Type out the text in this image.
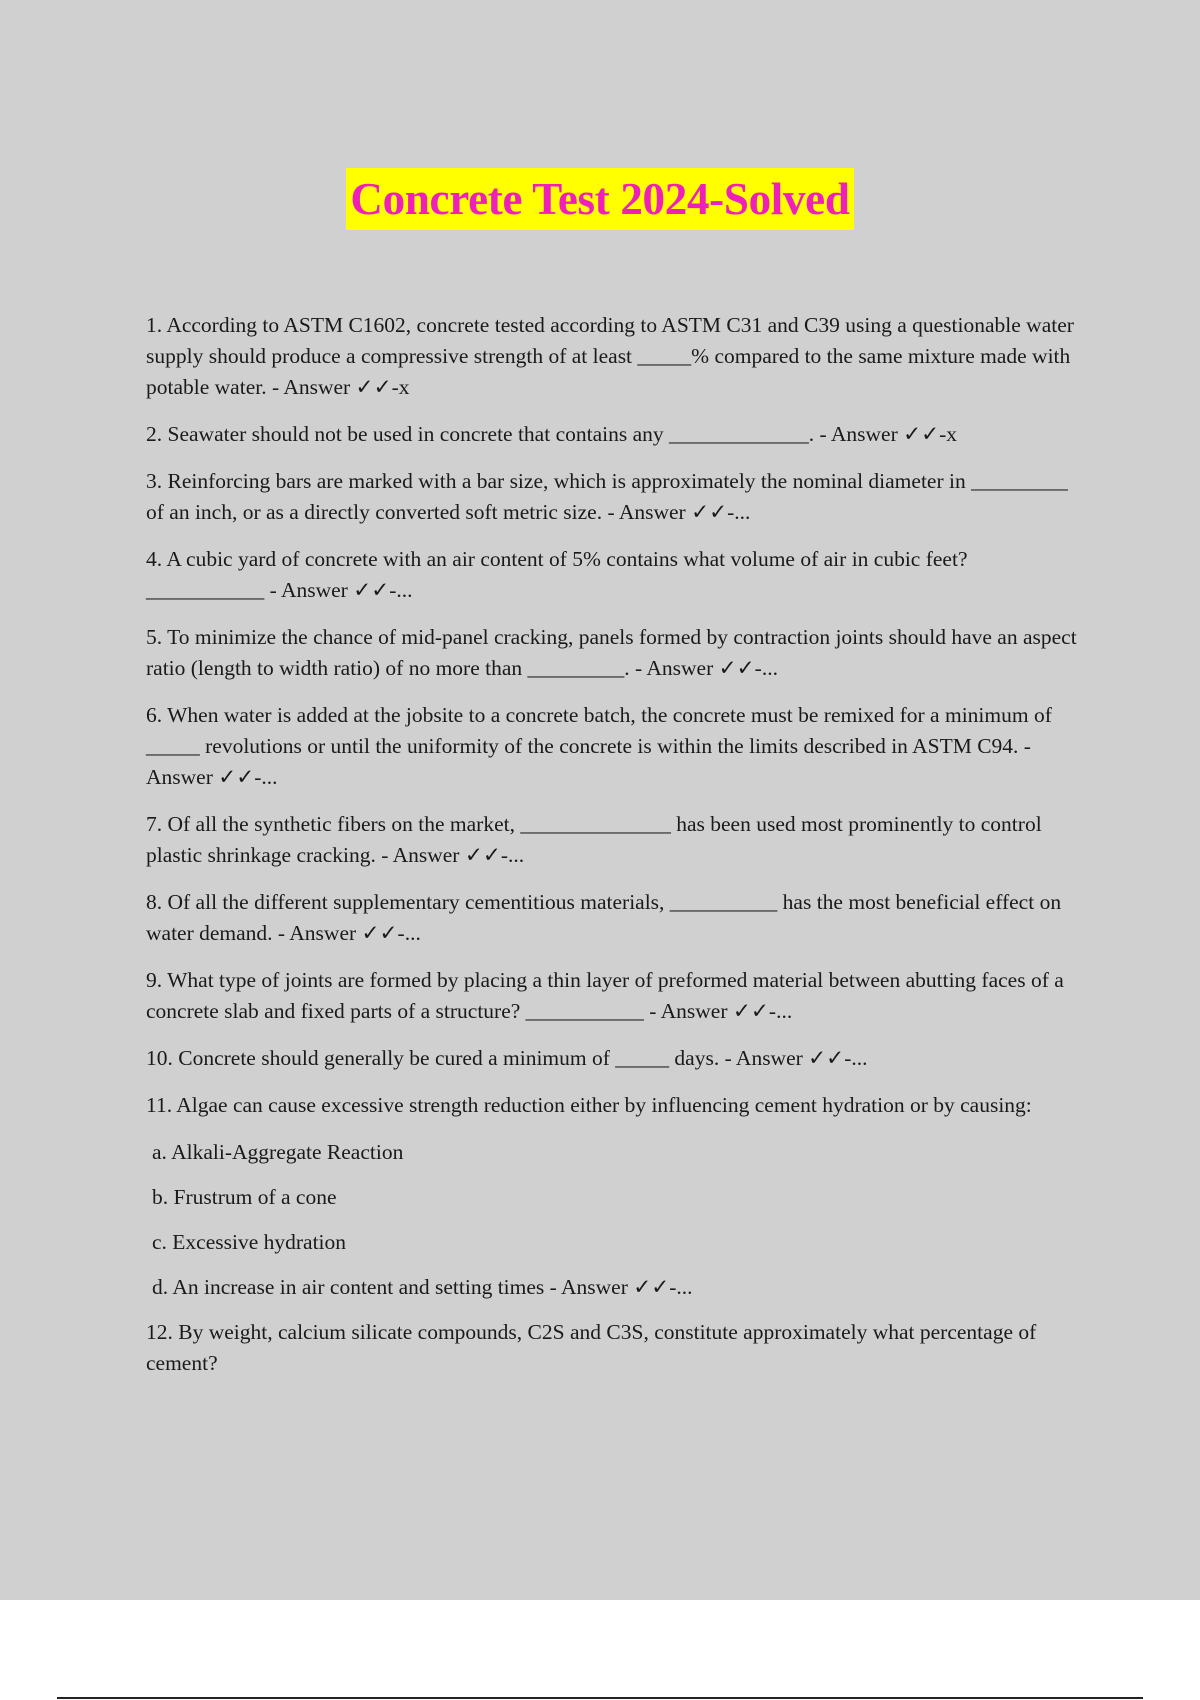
Concrete Test 2024-Solved

1. According to ASTM C1602, concrete tested according to ASTM C31 and C39 using a questionable water supply should produce a compressive strength of at least _____% compared to the same mixture made with potable water. - Answer ✓✓-x

2. Seawater should not be used in concrete that contains any _____________. - Answer ✓✓-x

3. Reinforcing bars are marked with a bar size, which is approximately the nominal diameter in _________ of an inch, or as a directly converted soft metric size. - Answer ✓✓-...

4. A cubic yard of concrete with an air content of 5% contains what volume of air in cubic feet? ___________ - Answer ✓✓-...

5. To minimize the chance of mid-panel cracking, panels formed by contraction joints should have an aspect ratio (length to width ratio) of no more than _________. - Answer ✓✓-...

6. When water is added at the jobsite to a concrete batch, the concrete must be remixed for a minimum of _____ revolutions or until the uniformity of the concrete is within the limits described in ASTM C94. - Answer ✓✓-...

7. Of all the synthetic fibers on the market, ______________ has been used most prominently to control plastic shrinkage cracking. - Answer ✓✓-...

8. Of all the different supplementary cementitious materials, __________ has the most beneficial effect on water demand. - Answer ✓✓-...

9. What type of joints are formed by placing a thin layer of preformed material between abutting faces of a concrete slab and fixed parts of a structure? ___________ - Answer ✓✓-...

10. Concrete should generally be cured a minimum of _____ days. - Answer ✓✓-...

11. Algae can cause excessive strength reduction either by influencing cement hydration or by causing:

a. Alkali-Aggregate Reaction

b. Frustrum of a cone

c. Excessive hydration

d. An increase in air content and setting times - Answer ✓✓-...

12. By weight, calcium silicate compounds, C2S and C3S, constitute approximately what percentage of cement?
